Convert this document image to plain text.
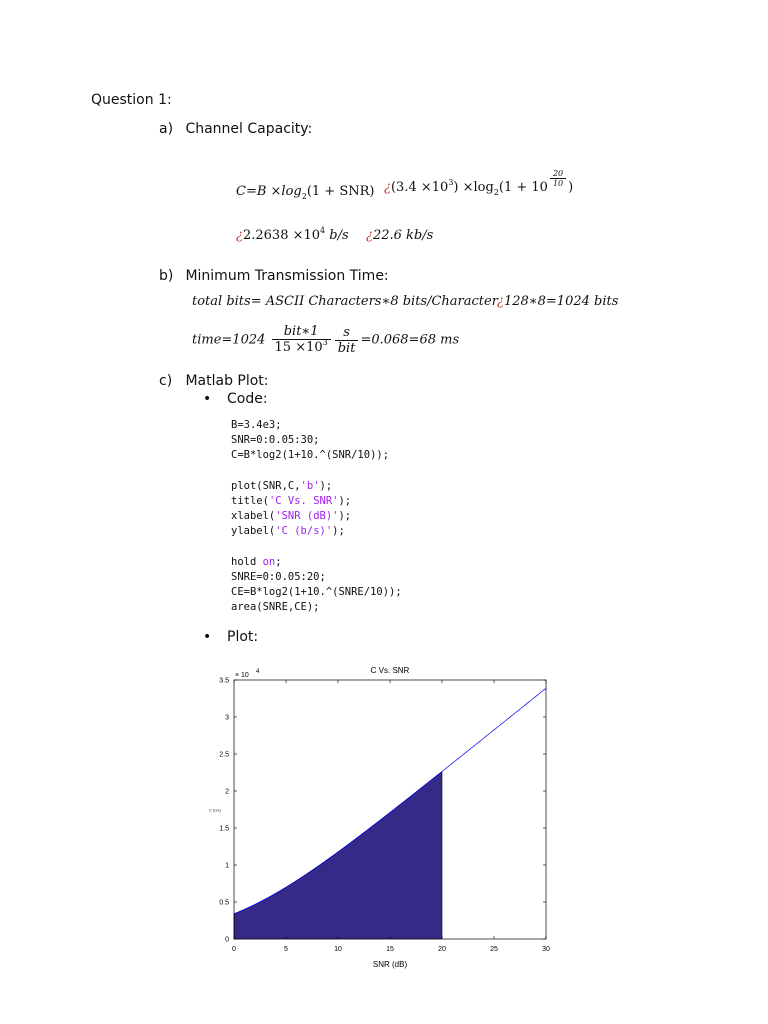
Question 1:
a) Channel Capacity:
$C=B \times\log_2(1 + SNR)$ ¿$(3.4 \times 10^3) \times\log_2(1 + 10 \frac{20}{10}$ )
¿$2.2638 \times 10^4$ b/s ¿22.6 kb/s
b) Minimum Transmission Time:
total bits= ASCII Characters∗8 bits/Character ¿128∗8=1024 bits
time=1024 $\frac{\text{bit∗1}}{15 \times 10^3} \frac{s}{\text{bit}} =0.068=68$ ms
c) Matlab Plot:
• Code:
B=3.4e3;
SNR=0:0.05:30;
C=B*log2(1+10.^(SNR/10));

plot(SNR,C,'b');
title('C Vs. SNR');
xlabel('SNR (dB)');
ylabel('C (b/s)');

hold on;
SNRE=0:0.05:20;
CE=B*log2(1+10.^(SNRE/10));
area(SNRE,CE);
• Plot:
0	5	10	15	20	25	30
0
0.5
1
1.5
2
2.5
3
3.5
C Vs. SNR
SNR (dB)
× 10 4
C (b/s)
